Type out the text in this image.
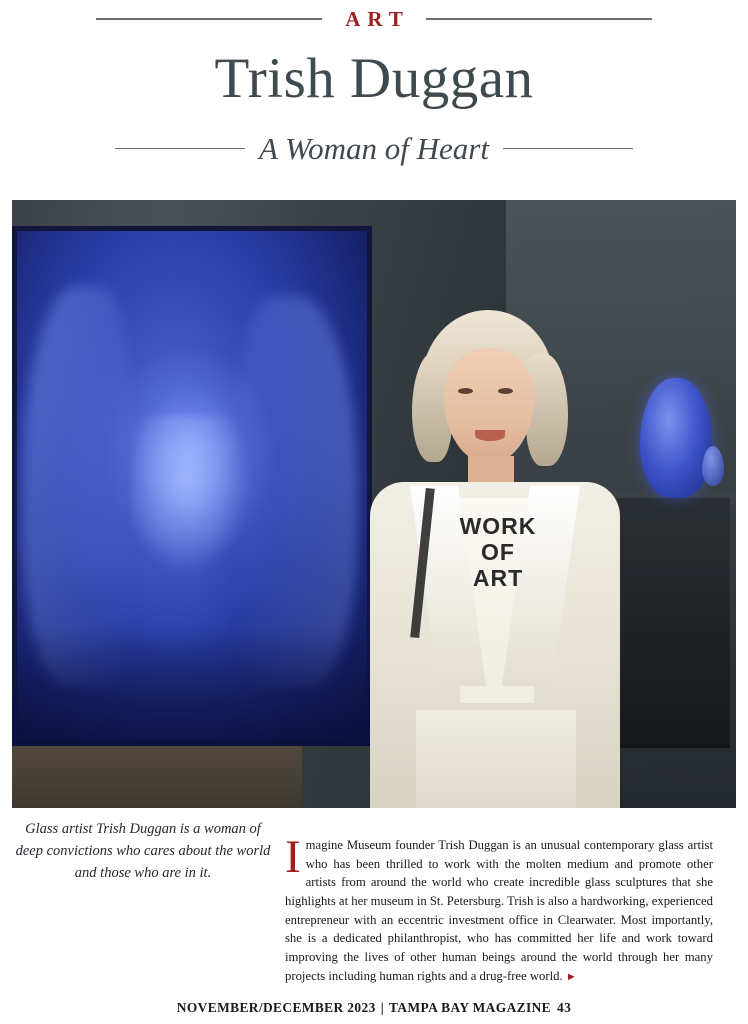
ART
Trish Duggan
A Woman of Heart
WORK
OF
ART
Glass artist Trish Duggan is a woman of deep convictions who cares about the world and those who are in it.	Imagine Museum founder Trish Duggan is an unusual contemporary glass artist who has been thrilled to work with the molten medium and promote other artists from around the world who create incredible glass sculptures that she highlights at her museum in St. Petersburg. Trish is also a hardworking, experienced entrepreneur with an eccentric investment office in Clearwater. Most importantly, she is a dedicated philanthropist, who has committed her life and work toward improving the lives of other human beings around the world through her many projects including human rights and a drug-free world. ►
NOVEMBER/DECEMBER 2023 | TAMPA BAY MAGAZINE 43
